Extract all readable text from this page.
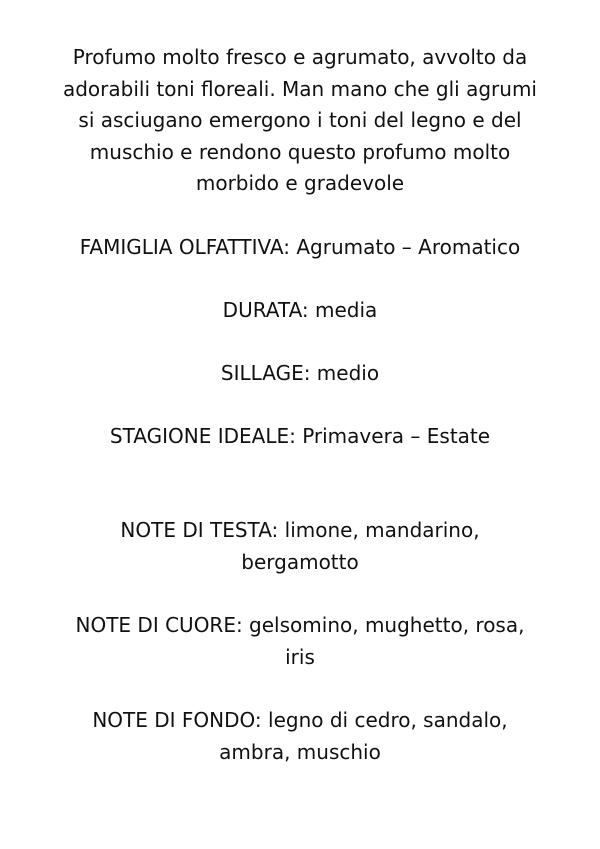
Profumo molto fresco e agrumato, avvolto da
adorabili toni floreali. Man mano che gli agrumi
si asciugano emergono i toni del legno e del
muschio e rendono questo profumo molto
morbido e gradevole

FAMIGLIA OLFATTIVA: Agrumato – Aromatico

DURATA: media

SILLAGE: medio

STAGIONE IDEALE: Primavera – Estate

NOTE DI TESTA: limone, mandarino,
bergamotto

NOTE DI CUORE: gelsomino, mughetto, rosa,
iris

NOTE DI FONDO: legno di cedro, sandalo,
ambra, muschio
